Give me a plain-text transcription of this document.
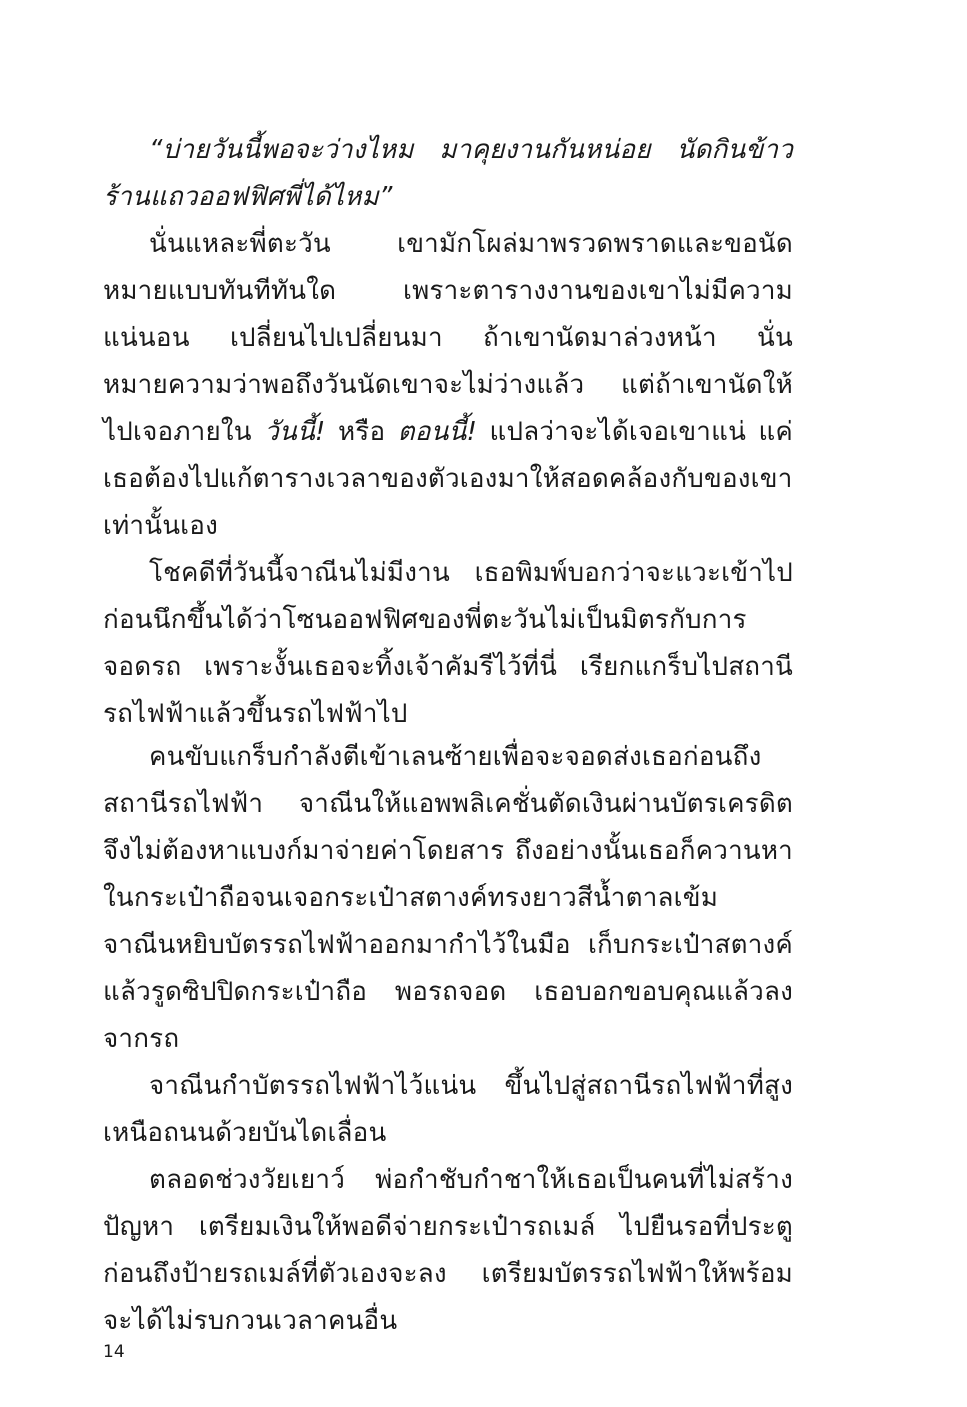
“บ่ายวันนี้พอจะว่างไหม มาคุยงานกันหน่อย นัดกินข้าวร้านแถวออฟฟิศพี่ได้ไหม”

นั่นแหละพี่ตะวัน เขามักโผล่มาพรวดพราดและขอนัดหมายแบบทันทีทันใด เพราะตารางงานของเขาไม่มีความแน่นอน เปลี่ยนไปเปลี่ยนมา ถ้าเขานัดมาล่วงหน้า นั่นหมายความว่าพอถึงวันนัดเขาจะไม่ว่างแล้ว แต่ถ้าเขานัดให้ไปเจอภายใน วันนี้! หรือ ตอนนี้! แปลว่าจะได้เจอเขาแน่ แค่เธอต้องไปแก้ตารางเวลาของตัวเองมาให้สอดคล้องกับของเขา เท่านั้นเอง

โชคดีที่วันนี้จาณีนไม่มีงาน เธอพิมพ์บอกว่าจะแวะเข้าไปก่อนนึกขึ้นได้ว่าโซนออฟฟิศของพี่ตะวันไม่เป็นมิตรกับการจอดรถ เพราะงั้นเธอจะทิ้งเจ้าคัมรีไว้ที่นี่ เรียกแกร็บไปสถานีรถไฟฟ้าแล้วขึ้นรถไฟฟ้าไป

คนขับแกร็บกำลังตีเข้าเลนซ้ายเพื่อจะจอดส่งเธอก่อนถึงสถานีรถไฟฟ้า จาณีนให้แอพพลิเคชั่นตัดเงินผ่านบัตรเครดิต จึงไม่ต้องหาแบงก์มาจ่ายค่าโดยสาร ถึงอย่างนั้นเธอก็ควานหาในกระเป๋าถือจนเจอกระเป๋าสตางค์ทรงยาวสีน้ำตาลเข้ม จาณีนหยิบบัตรรถไฟฟ้าออกมากำไว้ในมือ เก็บกระเป๋าสตางค์แล้วรูดซิปปิดกระเป๋าถือ พอรถจอด เธอบอกขอบคุณแล้วลงจากรถ

จาณีนกำบัตรรถไฟฟ้าไว้แน่น ขึ้นไปสู่สถานีรถไฟฟ้าที่สูงเหนือถนนด้วยบันไดเลื่อน

ตลอดช่วงวัยเยาว์ พ่อกำชับกำชาให้เธอเป็นคนที่ไม่สร้างปัญหา เตรียมเงินให้พอดีจ่ายกระเป๋ารถเมล์ ไปยืนรอที่ประตูก่อนถึงป้ายรถเมล์ที่ตัวเองจะลง เตรียมบัตรรถไฟฟ้าให้พร้อมจะได้ไม่รบกวนเวลาคนอื่น

14
